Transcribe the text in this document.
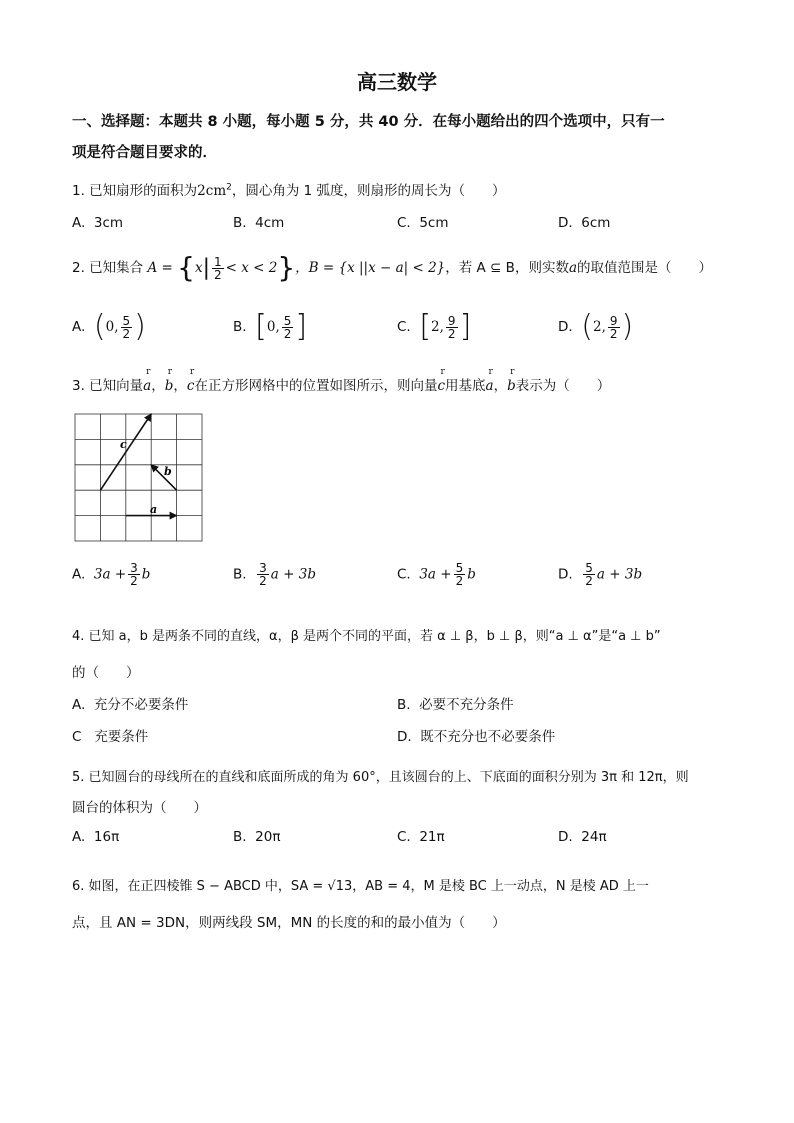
高三数学
一、选择题：本题共 8 小题，每小题 5 分，共 40 分．在每小题给出的四个选项中，只有一
项是符合题目要求的．
1. 已知扇形的面积为$2cm^2$，圆心角为 1 弧度，则扇形的周长为（　　）
A. 3cm	B. 4cm	C. 5cm	D. 6cm
2. 已知集合 $A = \{x| \frac{1}{2} < x < 2\}$，B = {x ||x − a| < 2}，若 A ⊆ B，则实数a的取值范围是（　　）
A. (0, $\frac{5}{2}$ )	B. [0, $\frac{5}{2}$ ]	C. [2, $\frac{9}{2}$ ]	D. (2, $\frac{9}{2}$ )
3. 已知向量r a，r b，r c在正方形网格中的位置如图所示，则向量r c用基底r a，r b表示为（　　）
c
b
a
A. $3a + \frac{3}{2}$ b	B. $\frac{3}{2}$ a + 3b	C. $3a + \frac{5}{2}$ b	D. $\frac{5}{2}$ a + 3b
4. 已知 a，b 是两条不同的直线，α，β 是两个不同的平面，若 α ⊥ β，b ⊥ β，则“a ⊥ α”是“a ⊥ b”
的（　　）
A. 充分不必要条件	B. 必要不充分条件
C 充要条件	D. 既不充分也不必要条件
5. 已知圆台的母线所在的直线和底面所成的角为 60°，且该圆台的上、下底面的面积分别为 3π 和 12π，则
圆台的体积为（　　）
A. 16π	B. 20π	C. 21π	D. 24π
6. 如图，在正四棱锥 S − ABCD 中，SA = √13，AB = 4，M 是棱 BC 上一动点，N 是棱 AD 上一
点，且 AN = 3DN，则两线段 SM，MN 的长度的和的最小值为（　　）
